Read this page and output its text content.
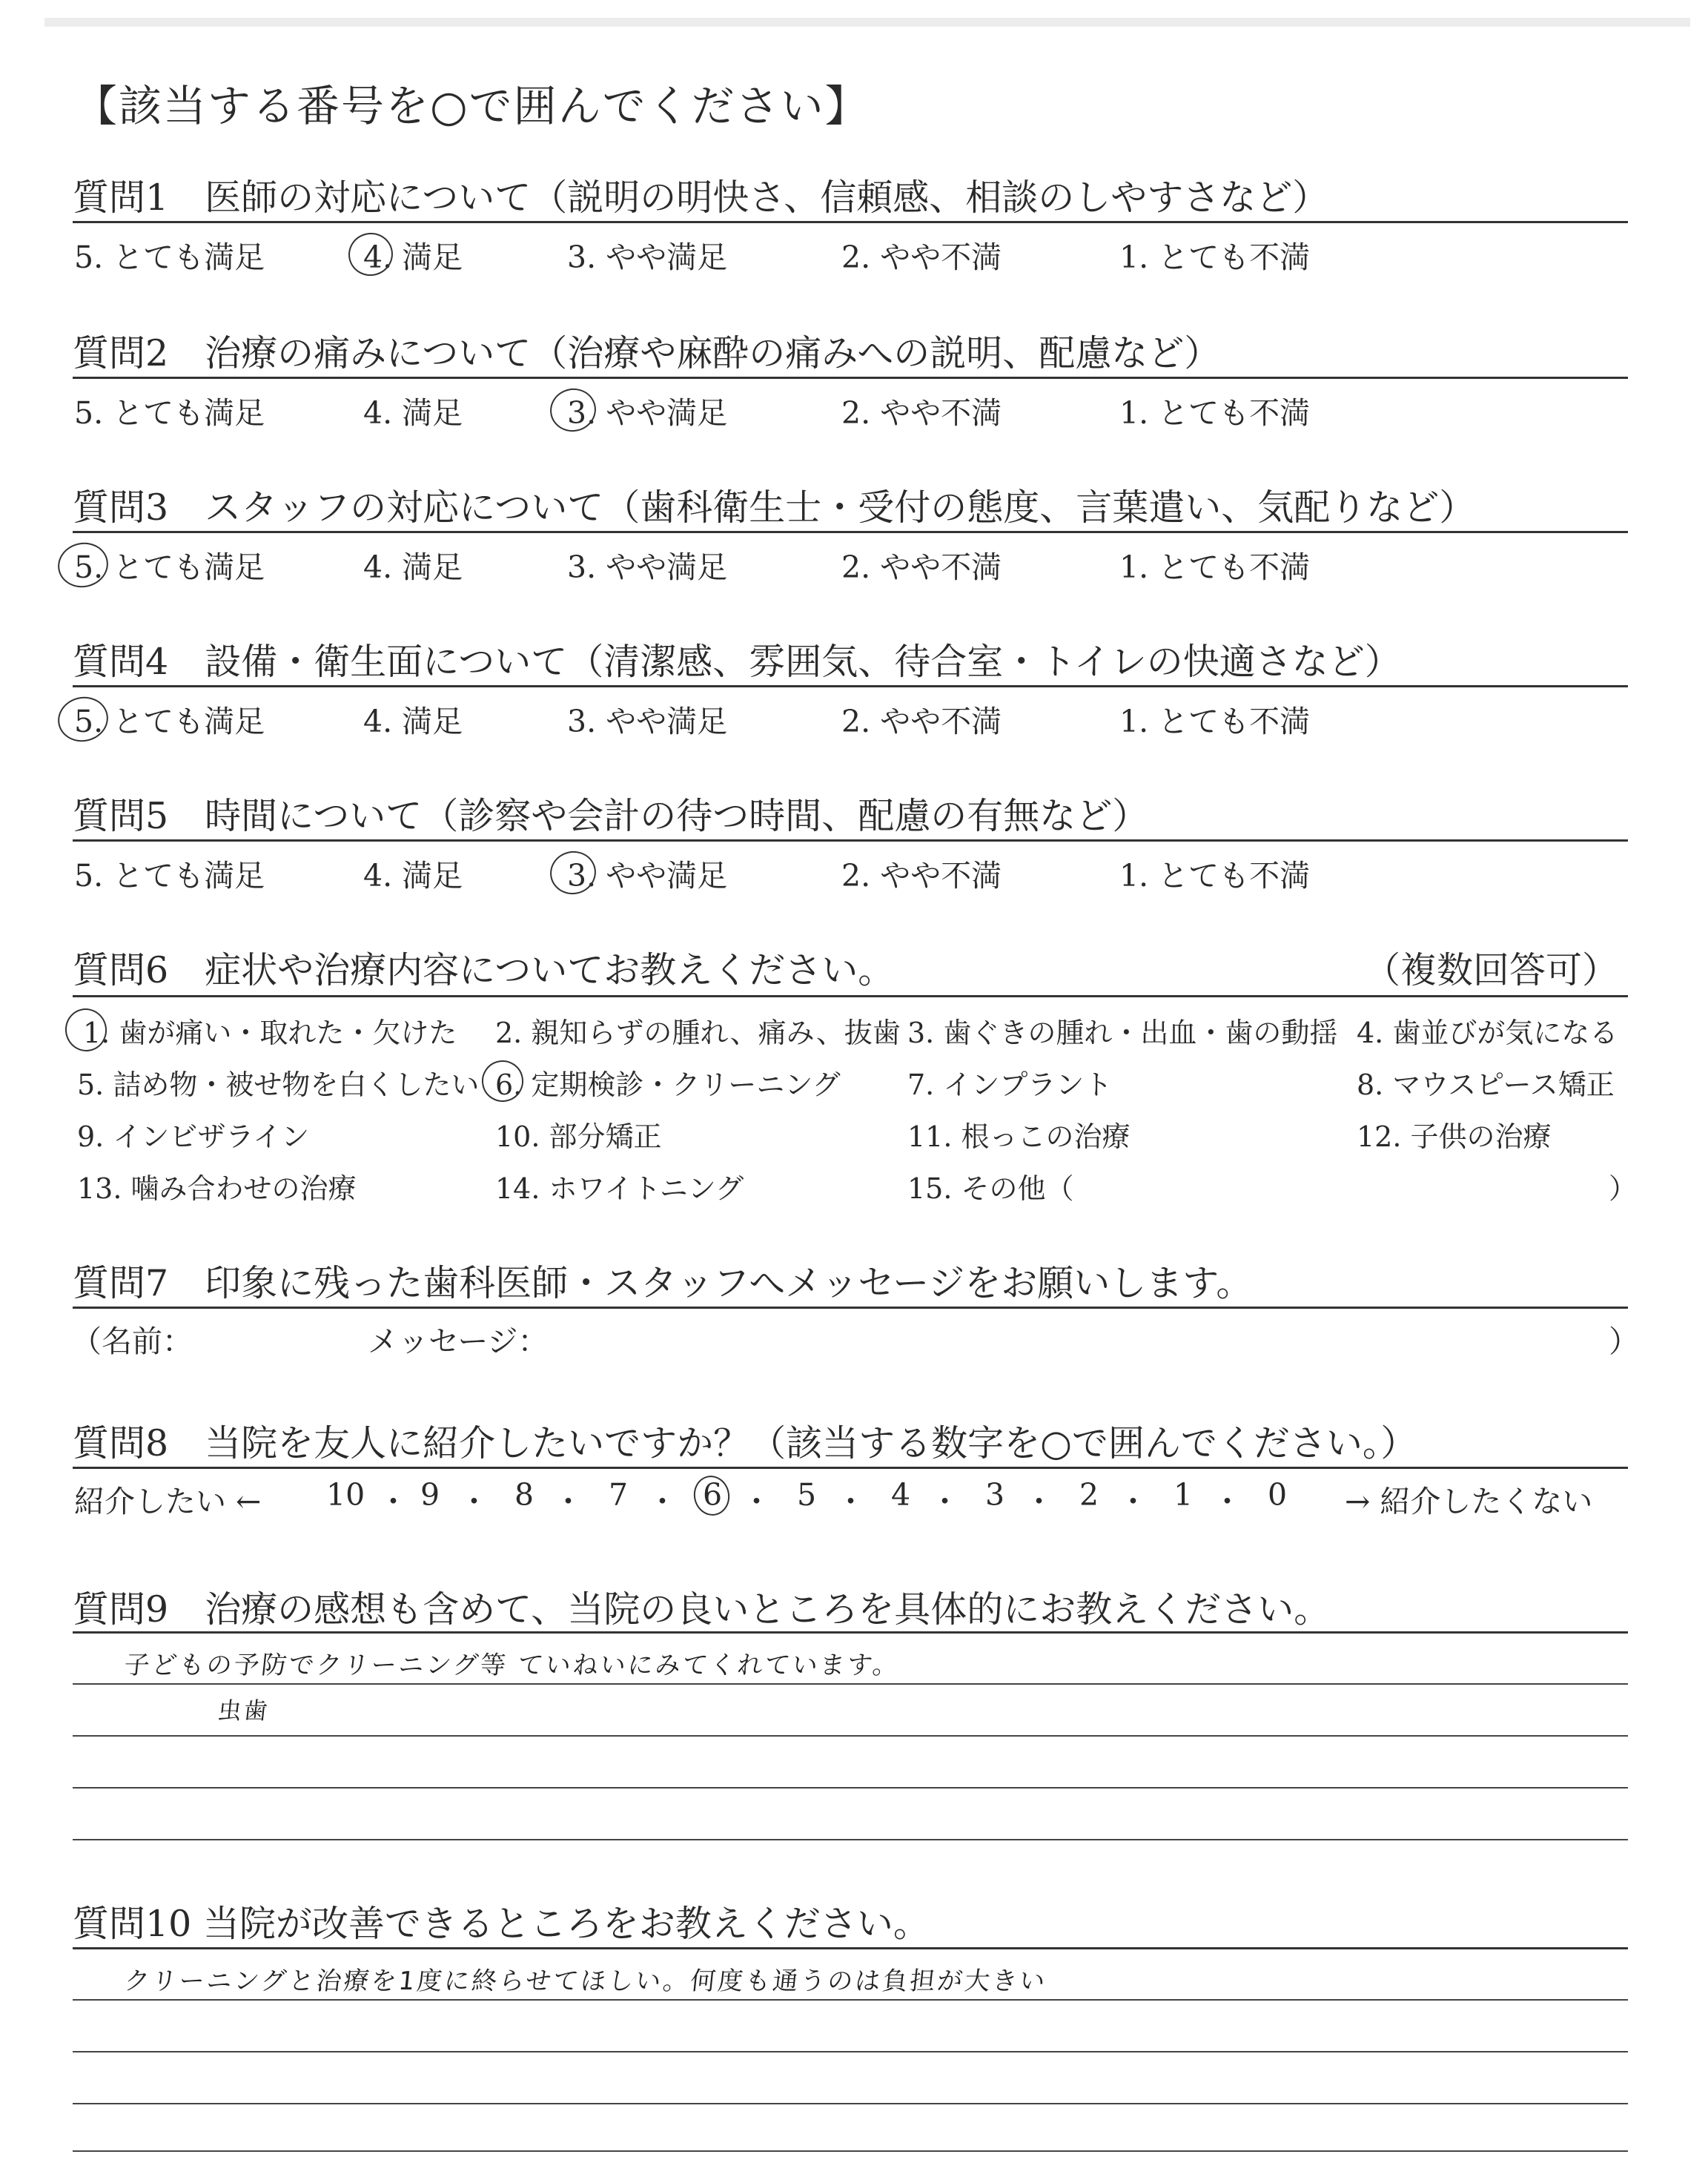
【該当する番号を○で囲んでください】
質問1　医師の対応について（説明の明快さ、信頼感、相談のしやすさなど）
5. とても満足	4. 満足	3. やや満足	2. やや不満	1. とても不満
質問2　治療の痛みについて（治療や麻酔の痛みへの説明、配慮など）
5. とても満足	4. 満足	3. やや満足	2. やや不満	1. とても不満
質問3　スタッフの対応について（歯科衛生士・受付の態度、言葉遣い、気配りなど）
5. とても満足	4. 満足	3. やや満足	2. やや不満	1. とても不満
質問4　設備・衛生面について（清潔感、雰囲気、待合室・トイレの快適さなど）
5. とても満足	4. 満足	3. やや満足	2. やや不満	1. とても不満
質問5　時間について（診察や会計の待つ時間、配慮の有無など）
5. とても満足	4. 満足	3. やや満足	2. やや不満	1. とても不満
質問6　症状や治療内容についてお教えください。	（複数回答可）
1. 歯が痛い・取れた・欠けた 2. 親知らずの腫れ、痛み、抜歯 3. 歯ぐきの腫れ・出血・歯の動揺 4. 歯並びが気になる
5. 詰め物・被せ物を白くしたい 6. 定期検診・クリーニング 7. インプラント	8. マウスピース矯正
9. インビザライン	10. 部分矯正	11. 根っこの治療	12. 子供の治療
13. 噛み合わせの治療	14. ホワイトニング	15. その他（	）
質問7　印象に残った歯科医師・スタッフへメッセージをお願いします。
（名前：	メッセージ：	）
質問8　当院を友人に紹介したいですか？（該当する数字を○で囲んでください。）
紹介したい ← 10 ・ 9 ・ 8 ・ 7 ・ 6 ・ 5 ・ 4 ・ 3 ・ 2 ・ 1 ・ 0 → 紹介したくない
質問9　治療の感想も含めて、当院の良いところを具体的にお教えください。
子どもの予防でクリーニング等 ていねいにみてくれています。
虫歯
質問10 当院が改善できるところをお教えください。
クリーニングと治療を1度に終らせてほしい。何度も通うのは負担が大きい
